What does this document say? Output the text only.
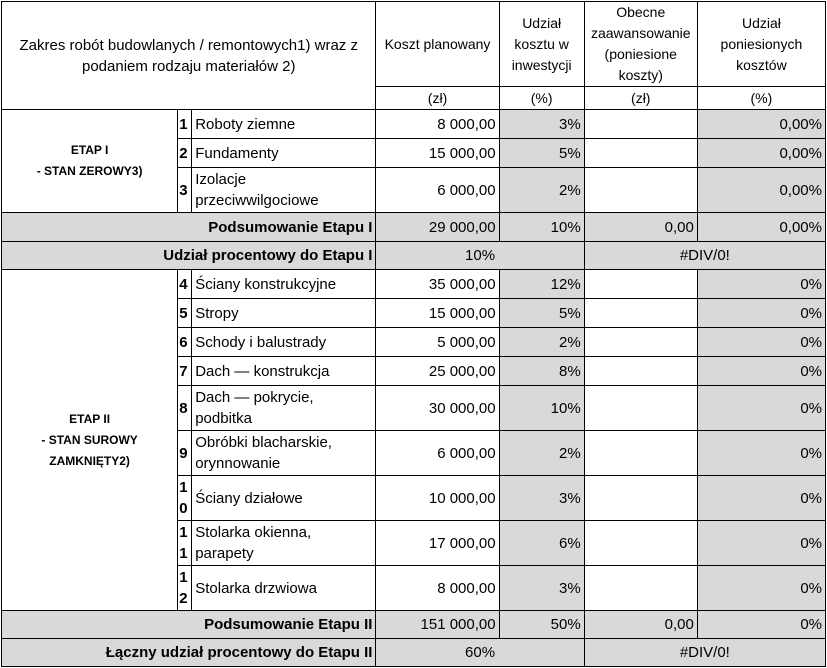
Zakres robót budowlanych / remontowych1) wraz z podaniem rodzaju materiałów 2)			Koszt planowany	Udział kosztu w inwestycji	Obecne zaawansowanie (poniesione koszty)	Udział poniesionych kosztów
			(zł)	(%)	(zł)	(%)
ETAP I
- STAN ZEROWY3)	1	Roboty ziemne	8 000,00	3%		0,00%
	2	Fundamenty	15 000,00	5%		0,00%
	3	Izolacje przeciwwilgociowe	6 000,00	2%		0,00%
Podsumowanie Etapu I			29 000,00	10%	0,00	0,00%
Udział procentowy do Etapu I			10%		#DIV/0!	
ETAP II
- STAN SUROWY ZAMKNIĘTY2)	4	Ściany konstrukcyjne	35 000,00	12%		0%
	5	Stropy	15 000,00	5%		0%
	6	Schody i balustrady	5 000,00	2%		0%
	7	Dach — konstrukcja	25 000,00	8%		0%
	8	Dach — pokrycie, podbitka	30 000,00	10%		0%
	9	Obróbki blacharskie, orynnowanie	6 000,00	2%		0%
	10	Ściany działowe	10 000,00	3%		0%
	11	Stolarka okienna, parapety	17 000,00	6%		0%
	12	Stolarka drzwiowa	8 000,00	3%		0%
Podsumowanie Etapu II			151 000,00	50%	0,00	0%
Łączny udział procentowy do Etapu II			60%		#DIV/0!	
